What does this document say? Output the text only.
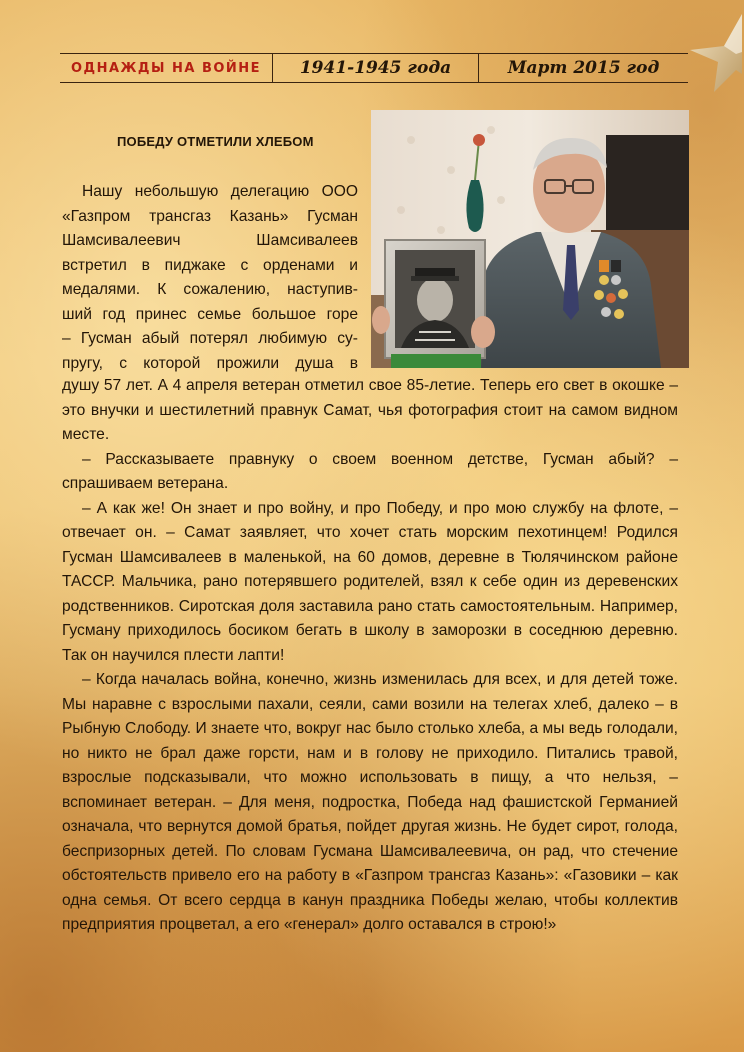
ОДНАЖДЫ НА ВОЙНЕ	1941-1945 года	Март 2015 год
ПОБЕДУ ОТМЕТИЛИ ХЛЕБОМ
Нашу небольшую делегацию ООО
«Газпром трансгаз Казань» Гусман
Шамсивалеевич Шамсивалеев
встретил в пиджаке с орденами и
медалями. К сожалению, наступив-
ший год принес семье большое горе
– Гусман абый потерял любимую су-
пругу, с которой прожили душа в

душу 57 лет. А 4 апреля ветеран отметил свое 85-летие. Теперь его свет в окошке – это внучки и шестилетний правнук Самат, чья фотография стоит на самом видном месте.

– Рассказываете правнуку о своем военном детстве, Гусман абый? – спрашиваем ветерана.

– А как же! Он знает и про войну, и про Победу, и про мою службу на флоте, – отвечает он. – Самат заявляет, что хочет стать морским пехотинцем! Родился Гусман Шамсивалеев в маленькой, на 60 домов, деревне в Тюлячинском районе ТАССР. Мальчика, рано потерявшего родителей, взял к себе один из деревенских родственников. Сиротская доля заставила рано стать самостоятельным. Например, Гусману приходилось босиком бегать в школу в заморозки в соседнюю деревню. Так он научился плести лапти!

– Когда началась война, конечно, жизнь изменилась для всех, и для детей тоже. Мы наравне с взрослыми пахали, сеяли, сами возили на телегах хлеб, далеко – в Рыбную Слободу. И знаете что, вокруг нас было столько хлеба, а мы ведь голодали, но никто не брал даже горсти, нам и в голову не приходило. Питались травой, взрослые подсказывали, что можно использовать в пищу, а что нельзя, – вспоминает ветеран. – Для меня, подростка, Победа над фашистской Германией означала, что вернутся домой братья, пойдет другая жизнь. Не будет сирот, голода, беспризорных детей. По словам Гусмана Шамсивалеевича, он рад, что стечение обстоятельств привело его на работу в «Газпром трансгаз Казань»: «Газовики – как одна семья. От всего сердца в канун праздника Победы желаю, чтобы коллектив предприятия процветал, а его «генерал» долго оставался в строю!»
